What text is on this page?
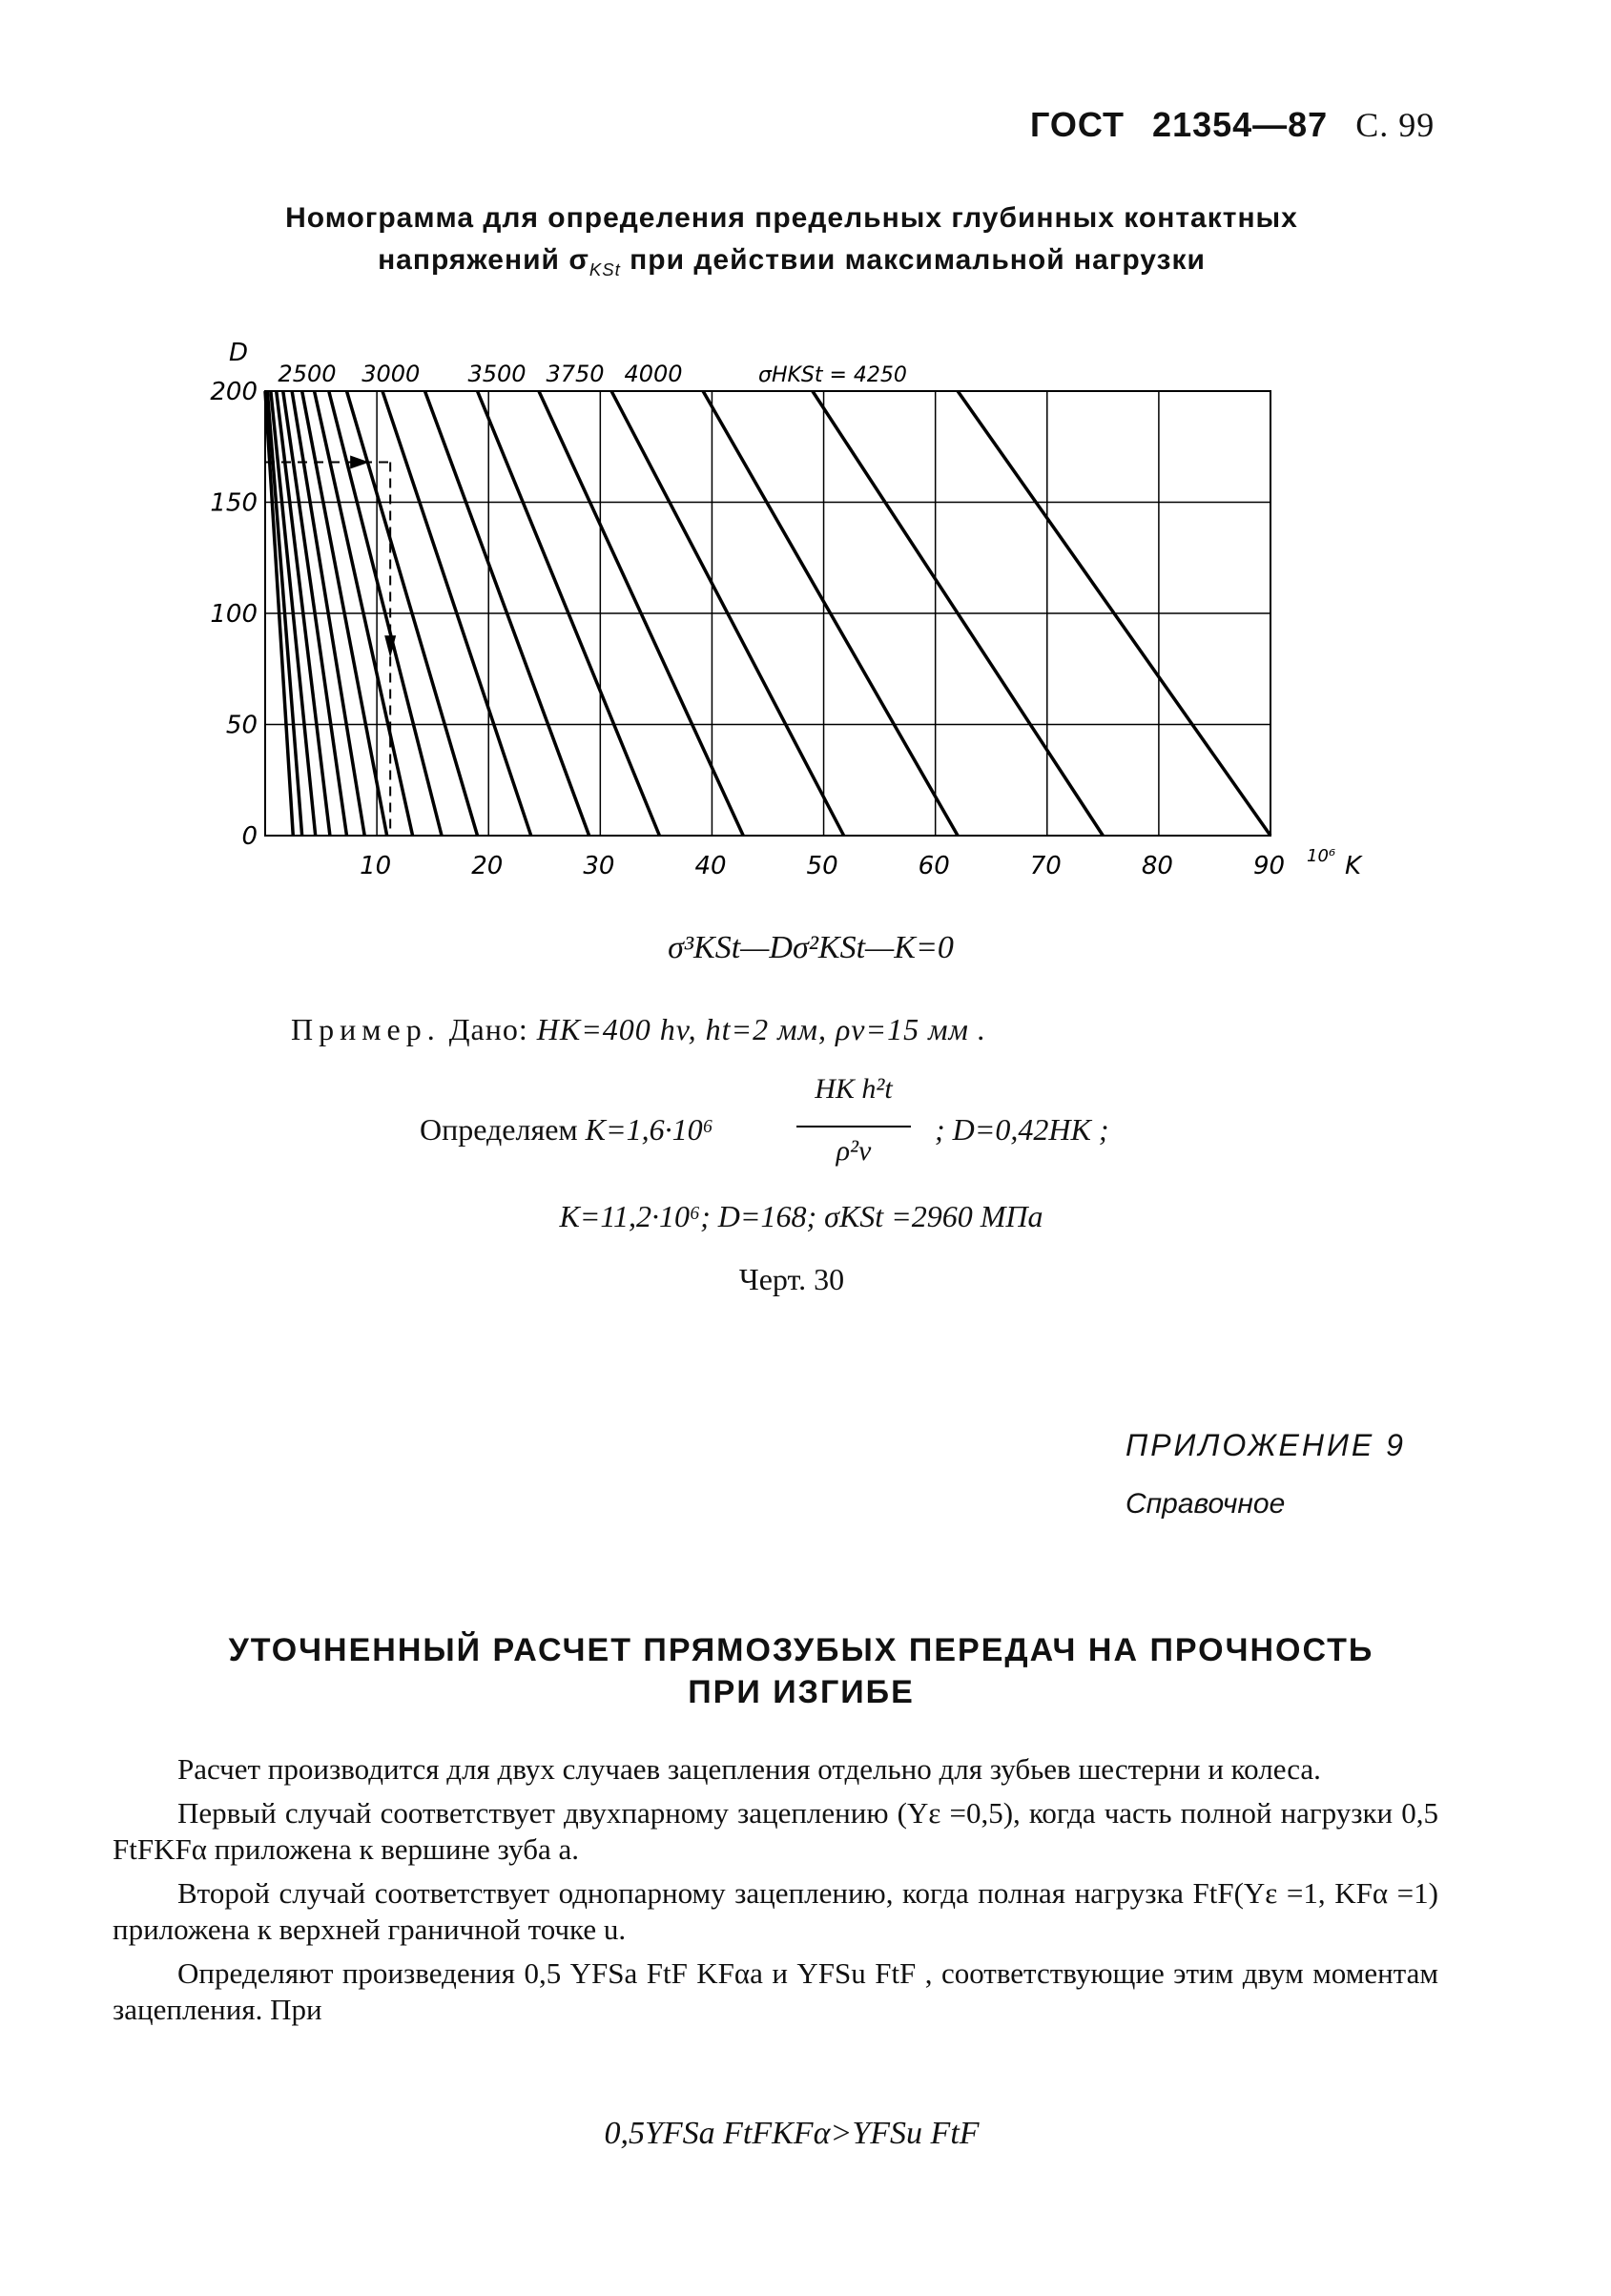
ГОСТ 21354—87 С. 99
Номограмма для определения предельных глубинных контактных
напряжений $\sigma_{KSt}$ при действии максимальной нагрузки
10	20	30	40	50	60	70	80	90
0
50
100
150
200
2500 3000 3500 3750 4000	σHKSt = 4250
D
K
10⁶
σ³KSt—Dσ²KSt—K=0
Пример. Дано: HK=400 hv, ht=2 мм, ρv=15 мм .
Определяем K=1,6·10⁶
HK h²t
ρ²v
; D=0,42HK ;
K=11,2·10⁶; D=168; σKSt =2960 МПа
Черт. 30
ПРИЛОЖЕНИЕ 9
Справочное
УТОЧНЕННЫЙ РАСЧЕТ ПРЯМОЗУБЫХ ПЕРЕДАЧ НА ПРОЧНОСТЬ
ПРИ ИЗГИБЕ

Расчет производится для двух случаев зацепления отдельно для зубьев шестерни и колеса.

Первый случай соответствует двухпарному зацеплению (Yε =0,5), когда часть полной нагрузки 0,5 FtFKFα приложена к вершине зуба a.

Второй случай соответствует однопарному зацеплению, когда полная нагрузка FtF(Yε =1, KFα =1) приложена к верхней граничной точке u.

Определяют произведения 0,5 YFSa FtF KFαa и YFSu FtF , соответствующие этим двум моментам зацепления. При

0,5YFSa FtFKFα>YFSu FtF
